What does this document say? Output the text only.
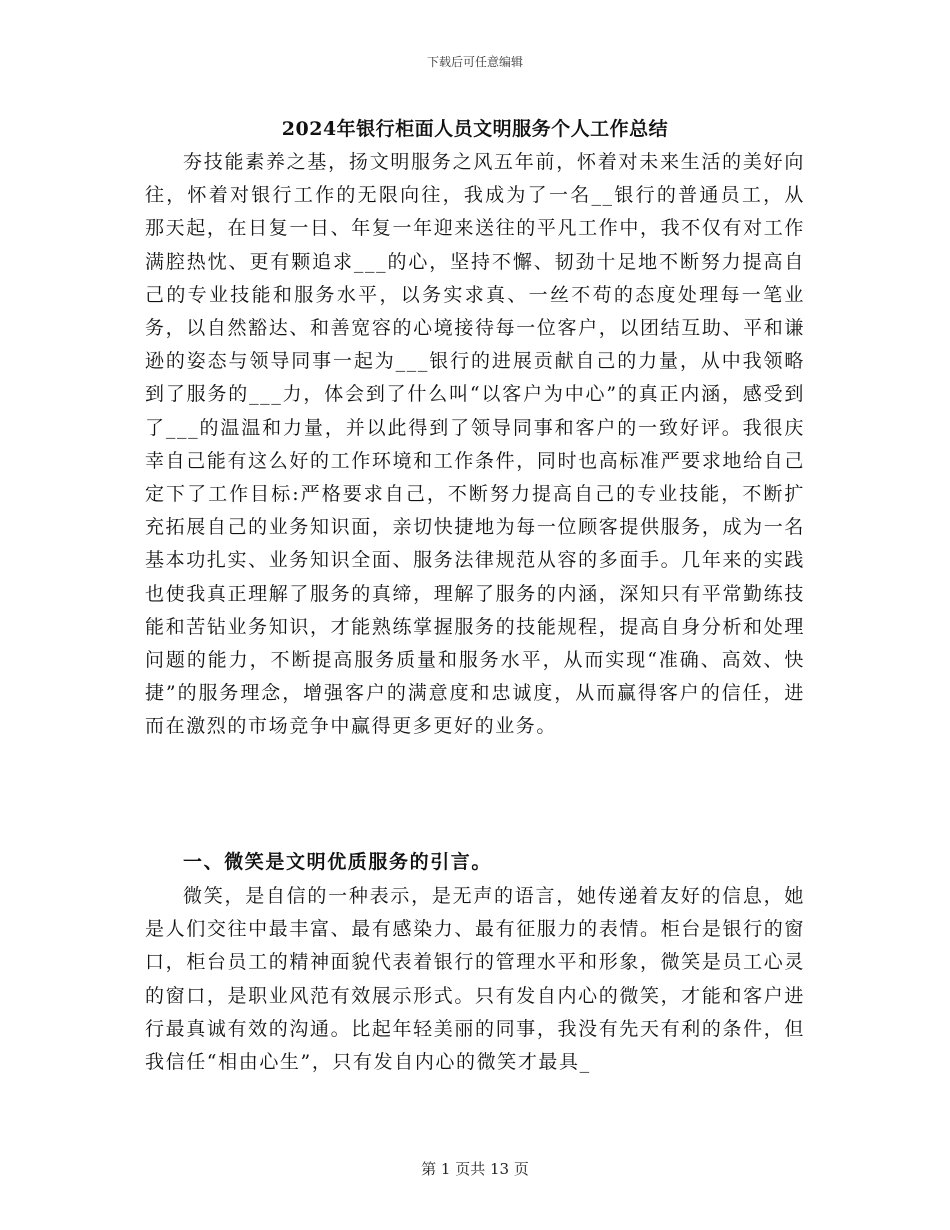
下载后可任意编辑
2024年银行柜面人员文明服务个人工作总结
夯技能素养之基，扬文明服务之风五年前，怀着对未来生活的美好向往，怀着对银行工作的无限向往，我成为了一名__银行的普通员工，从那天起，在日复一日、年复一年迎来送往的平凡工作中，我不仅有对工作满腔热忱、更有颗追求___的心，坚持不懈、韧劲十足地不断努力提高自己的专业技能和服务水平，以务实求真、一丝不苟的态度处理每一笔业务，以自然豁达、和善宽容的心境接待每一位客户，以团结互助、平和谦逊的姿态与领导同事一起为___银行的进展贡献自己的力量，从中我领略到了服务的___力，体会到了什么叫“以客户为中心”的真正内涵，感受到了___的温温和力量，并以此得到了领导同事和客户的一致好评。我很庆幸自己能有这么好的工作环境和工作条件，同时也高标准严要求地给自己定下了工作目标:严格要求自己，不断努力提高自己的专业技能，不断扩充拓展自己的业务知识面，亲切快捷地为每一位顾客提供服务，成为一名基本功扎实、业务知识全面、服务法律规范从容的多面手。几年来的实践也使我真正理解了服务的真缔，理解了服务的内涵，深知只有平常勤练技能和苦钻业务知识，才能熟练掌握服务的技能规程，提高自身分析和处理问题的能力，不断提高服务质量和服务水平，从而实现“准确、高效、快捷”的服务理念，增强客户的满意度和忠诚度，从而赢得客户的信任，进而在激烈的市场竞争中赢得更多更好的业务。
一、微笑是文明优质服务的引言。
微笑，是自信的一种表示，是无声的语言，她传递着友好的信息，她是人们交往中最丰富、最有感染力、最有征服力的表情。柜台是银行的窗口，柜台员工的精神面貌代表着银行的管理水平和形象，微笑是员工心灵的窗口，是职业风范有效展示形式。只有发自内心的微笑，才能和客户进行最真诚有效的沟通。比起年轻美丽的同事，我没有先天有利的条件，但我信任“相由心生”，只有发自内心的微笑才最具_
第 1 页共 13 页
